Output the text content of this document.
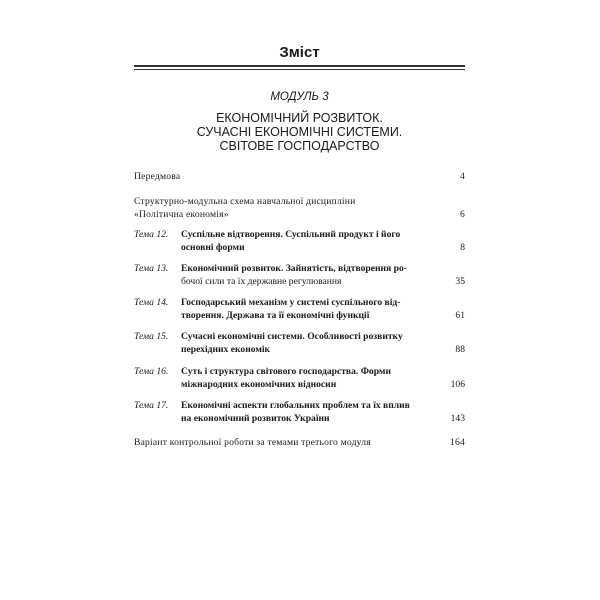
Зміст
МОДУЛЬ 3
ЕКОНОМІЧНИЙ РОЗВИТОК.
СУЧАСНІ ЕКОНОМІЧНІ СИСТЕМИ.
СВІТОВЕ ГОСПОДАРСТВО
Передмова	4
Структурно-модульна схема навчальної дисципліни
«Політична економія»	6
Тема 12. Суспільне відтворення. Суспільний продукт і його
основні форми	8
Тема 13. Економічний розвиток. Зайнятість, відтворення ро-
бочої сили та їх державне регулювання	35
Тема 14. Господарський механізм у системі суспільного від-
творення. Держава та її економічні функції	61
Тема 15. Сучасні економічні системи. Особливості розвитку
перехідних економік	88
Тема 16. Суть і структура світового господарства. Форми
міжнародних економічних відносин	106
Тема 17. Економічні аспекти глобальних проблем та їх вплив
на економічний розвиток України	143
Варіант контрольної роботи за темами третього модуля	164
